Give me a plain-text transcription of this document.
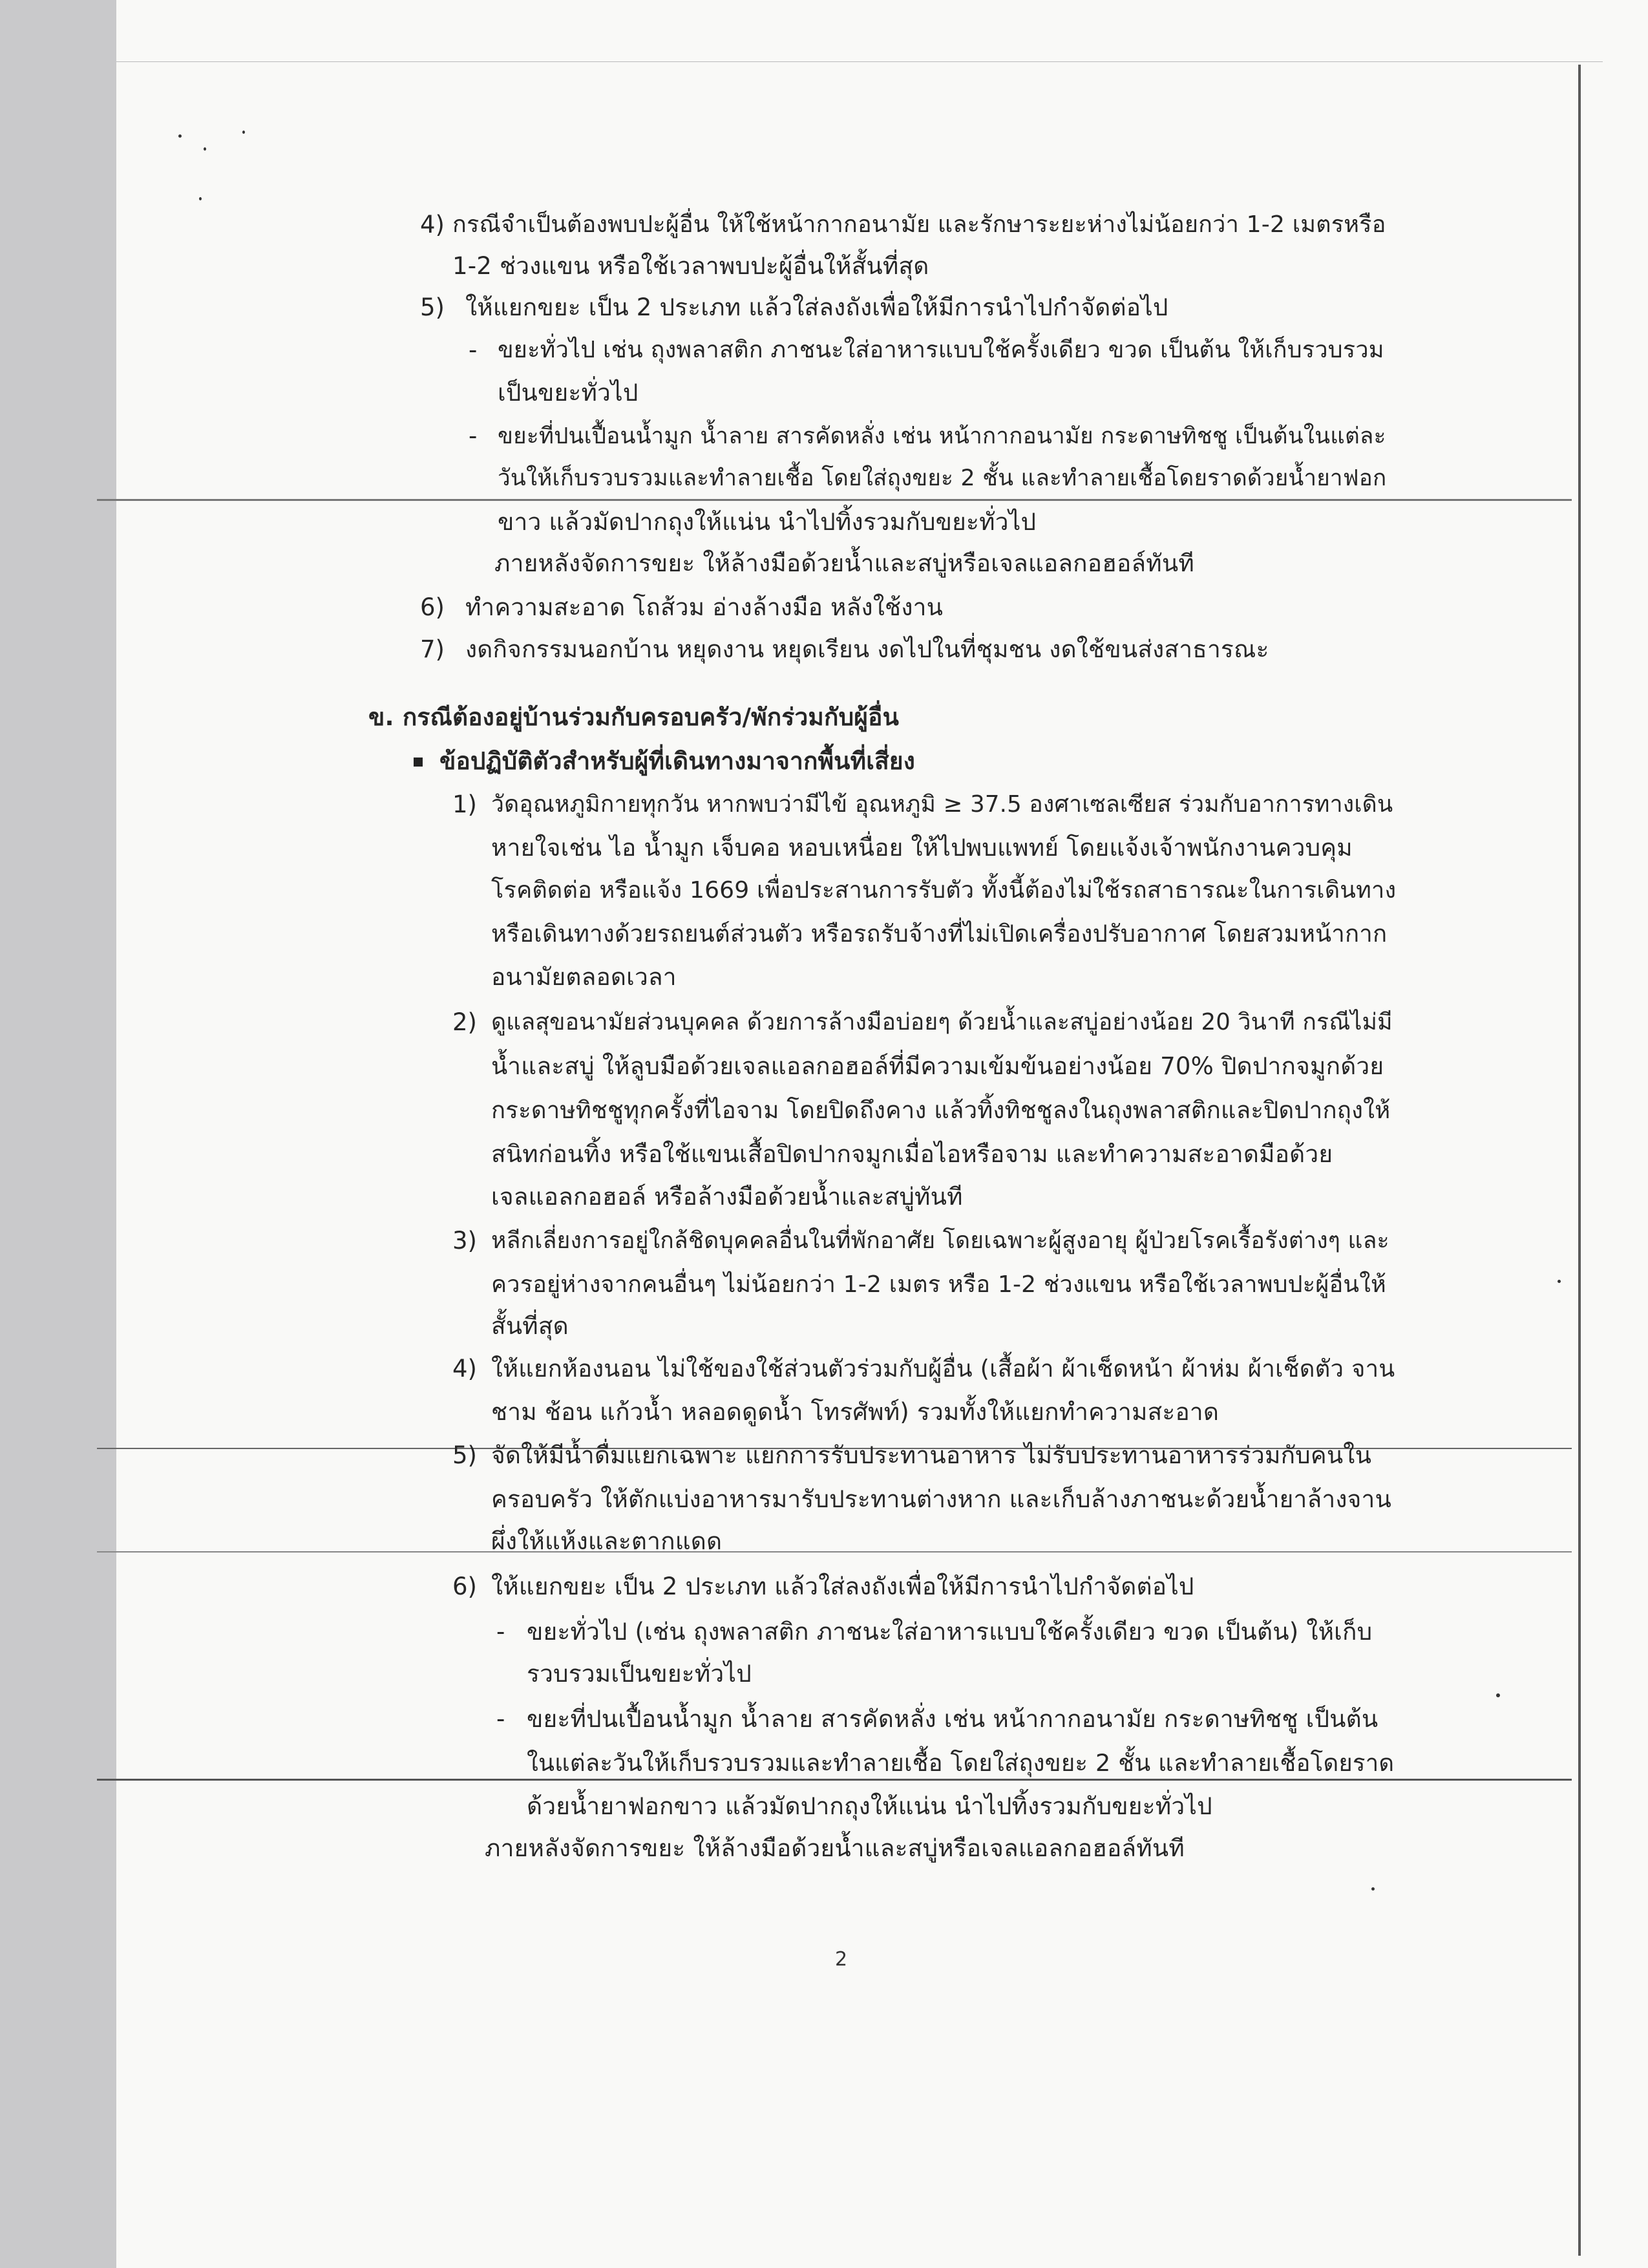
4) กรณีจำเป็นต้องพบปะผู้อื่น ให้ใช้หน้ากากอนามัย และรักษาระยะห่างไม่น้อยกว่า 1-2 เมตรหรือ
1-2 ช่วงแขน หรือใช้เวลาพบปะผู้อื่นให้สั้นที่สุด
5) ให้แยกขยะ เป็น 2 ประเภท แล้วใส่ลงถังเพื่อให้มีการนำไปกำจัดต่อไป
- ขยะทั่วไป เช่น ถุงพลาสติก ภาชนะใส่อาหารแบบใช้ครั้งเดียว ขวด เป็นต้น ให้เก็บรวบรวม
เป็นขยะทั่วไป
- ขยะที่ปนเปื้อนน้ำมูก น้ำลาย สารคัดหลั่ง เช่น หน้ากากอนามัย กระดาษทิชชู เป็นต้นในแต่ละ
วันให้เก็บรวบรวมและทำลายเชื้อ โดยใส่ถุงขยะ 2 ชั้น และทำลายเชื้อโดยราดด้วยน้ำยาฟอก
ขาว แล้วมัดปากถุงให้แน่น นำไปทิ้งรวมกับขยะทั่วไป
ภายหลังจัดการขยะ ให้ล้างมือด้วยน้ำและสบู่หรือเจลแอลกอฮอล์ทันที
6) ทำความสะอาด โถส้วม อ่างล้างมือ หลังใช้งาน
7) งดกิจกรรมนอกบ้าน หยุดงาน หยุดเรียน งดไปในที่ชุมชน งดใช้ขนส่งสาธารณะ
ข. กรณีต้องอยู่บ้านร่วมกับครอบครัว/พักร่วมกับผู้อื่น
ข้อปฏิบัติตัวสำหรับผู้ที่เดินทางมาจากพื้นที่เสี่ยง
1) วัดอุณหภูมิกายทุกวัน หากพบว่ามีไข้ อุณหภูมิ ≥ 37.5 องศาเซลเซียส ร่วมกับอาการทางเดิน
หายใจเช่น ไอ น้ำมูก เจ็บคอ หอบเหนื่อย ให้ไปพบแพทย์ โดยแจ้งเจ้าพนักงานควบคุม
โรคติดต่อ หรือแจ้ง 1669 เพื่อประสานการรับตัว ทั้งนี้ต้องไม่ใช้รถสาธารณะในการเดินทาง
หรือเดินทางด้วยรถยนต์ส่วนตัว หรือรถรับจ้างที่ไม่เปิดเครื่องปรับอากาศ โดยสวมหน้ากาก
อนามัยตลอดเวลา
2) ดูแลสุขอนามัยส่วนบุคคล ด้วยการล้างมือบ่อยๆ ด้วยน้ำและสบู่อย่างน้อย 20 วินาที กรณีไม่มี
น้ำและสบู่ ให้ลูบมือด้วยเจลแอลกอฮอล์ที่มีความเข้มข้นอย่างน้อย 70% ปิดปากจมูกด้วย
กระดาษทิชชูทุกครั้งที่ไอจาม โดยปิดถึงคาง แล้วทิ้งทิชชูลงในถุงพลาสติกและปิดปากถุงให้
สนิทก่อนทิ้ง หรือใช้แขนเสื้อปิดปากจมูกเมื่อไอหรือจาม และทำความสะอาดมือด้วย
เจลแอลกอฮอล์ หรือล้างมือด้วยน้ำและสบู่ทันที
3) หลีกเลี่ยงการอยู่ใกล้ชิดบุคคลอื่นในที่พักอาศัย โดยเฉพาะผู้สูงอายุ ผู้ป่วยโรคเรื้อรังต่างๆ และ
ควรอยู่ห่างจากคนอื่นๆ ไม่น้อยกว่า 1-2 เมตร หรือ 1-2 ช่วงแขน หรือใช้เวลาพบปะผู้อื่นให้
สั้นที่สุด
4) ให้แยกห้องนอน ไม่ใช้ของใช้ส่วนตัวร่วมกับผู้อื่น (เสื้อผ้า ผ้าเช็ดหน้า ผ้าห่ม ผ้าเช็ดตัว จาน
ชาม ช้อน แก้วน้ำ หลอดดูดน้ำ โทรศัพท์) รวมทั้งให้แยกทำความสะอาด
5) จัดให้มีน้ำดื่มแยกเฉพาะ แยกการรับประทานอาหาร ไม่รับประทานอาหารร่วมกับคนใน
ครอบครัว ให้ตักแบ่งอาหารมารับประทานต่างหาก และเก็บล้างภาชนะด้วยน้ำยาล้างจาน
ผึ่งให้แห้งและตากแดด
6) ให้แยกขยะ เป็น 2 ประเภท แล้วใส่ลงถังเพื่อให้มีการนำไปกำจัดต่อไป
- ขยะทั่วไป (เช่น ถุงพลาสติก ภาชนะใส่อาหารแบบใช้ครั้งเดียว ขวด เป็นต้น) ให้เก็บ
รวบรวมเป็นขยะทั่วไป
- ขยะที่ปนเปื้อนน้ำมูก น้ำลาย สารคัดหลั่ง เช่น หน้ากากอนามัย กระดาษทิชชู เป็นต้น
ในแต่ละวันให้เก็บรวบรวมและทำลายเชื้อ โดยใส่ถุงขยะ 2 ชั้น และทำลายเชื้อโดยราด
ด้วยน้ำยาฟอกขาว แล้วมัดปากถุงให้แน่น นำไปทิ้งรวมกับขยะทั่วไป
ภายหลังจัดการขยะ ให้ล้างมือด้วยน้ำและสบู่หรือเจลแอลกอฮอล์ทันที
2
